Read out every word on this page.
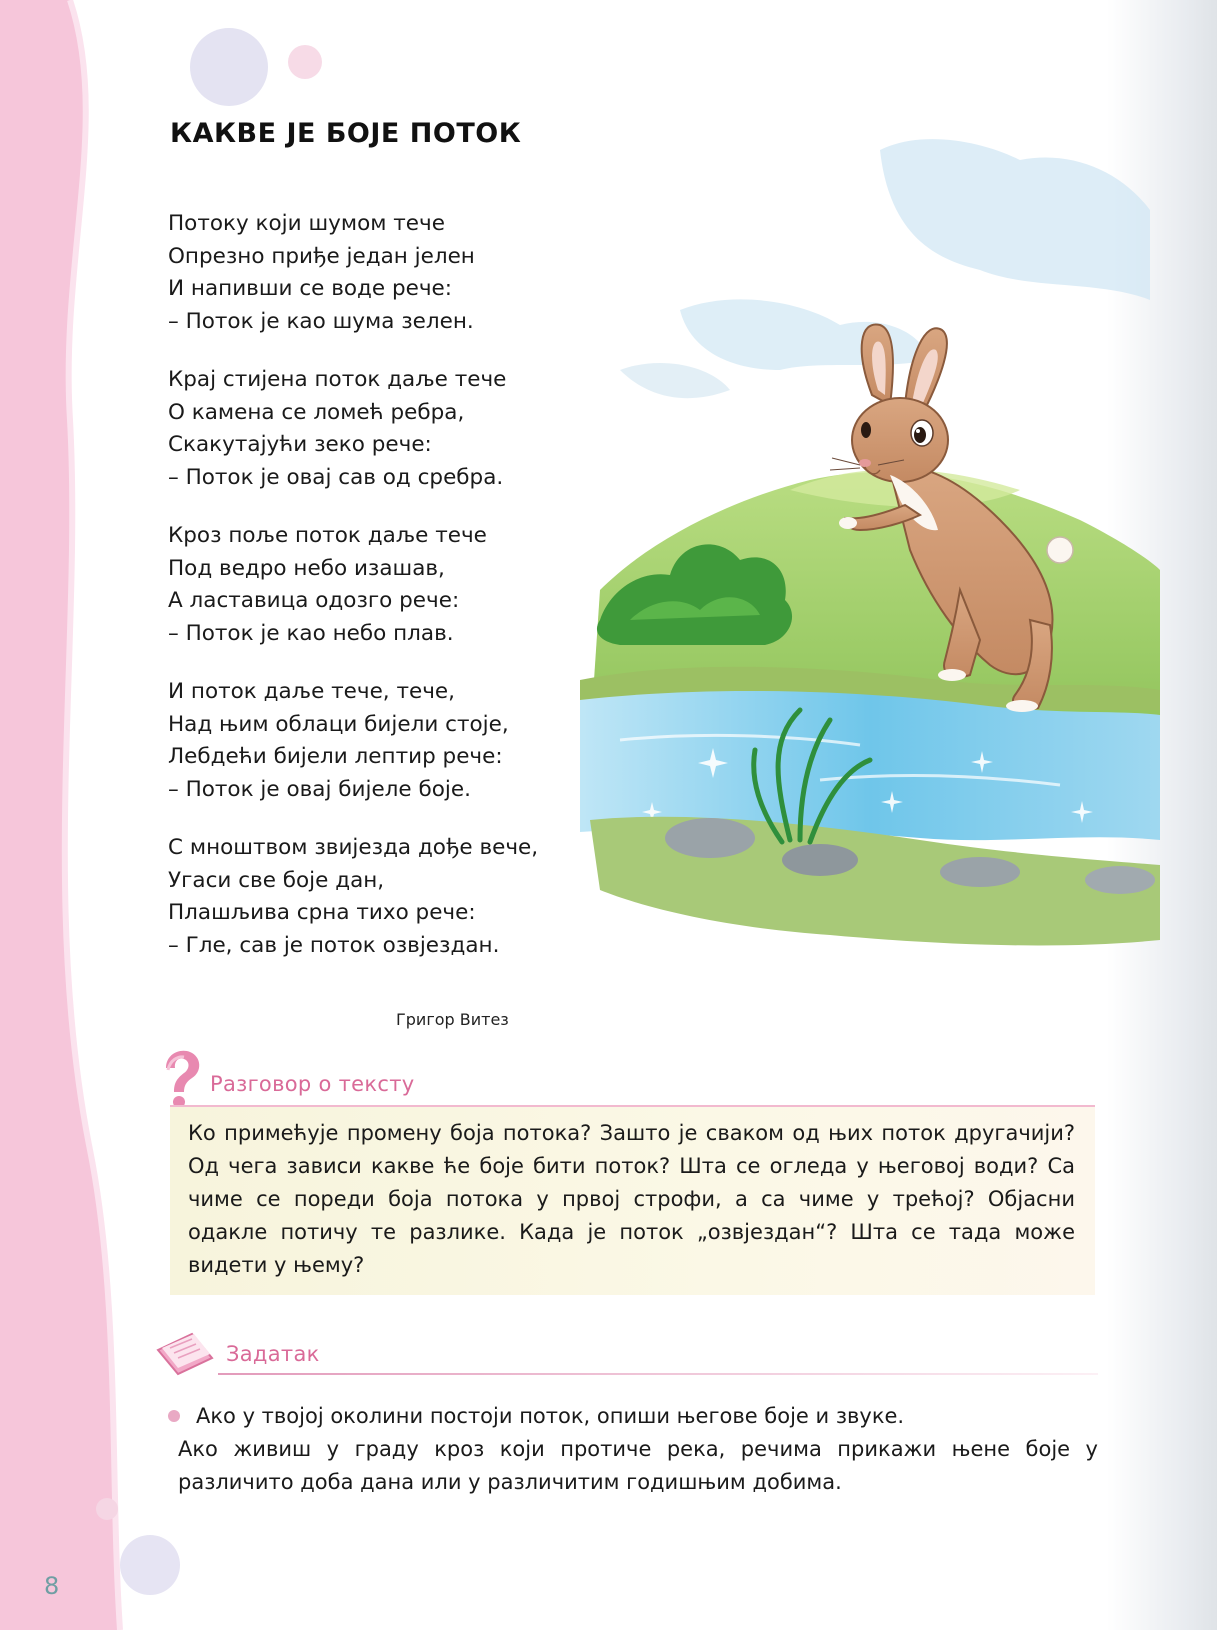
КАКВЕ ЈЕ БОЈЕ ПОТОК
Потоку који шумом тече
Опрезно приђе један јелен
И напивши се воде рече:
– Поток је као шума зелен.
Крај стијена поток даље тече
О камена се ломећ ребра,
Скакутајући зеко рече:
– Поток је овај сав од сребра.
Кроз поље поток даље тече
Под ведро небо изашав,
А ластавица одозго рече:
– Поток је као небо плав.
И поток даље тече, тече,
Над њим облаци бијели стоје,
Лебдећи бијели лептир рече:
– Поток је овај бијеле боје.
С мноштвом звијезда дође вече,
Угаси све боје дан,
Плашљива срна тихо рече:
– Гле, сав је поток озвјездан.
Григор Витез
Разговор о тексту

Ко примећује промену боја потока? Зашто је сваком од њих поток другачији? Од чега зависи какве ће боје бити поток? Шта се огледа у његовој води? Са чиме се пореди боја потока у првој строфи, а са чиме у трећој? Објасни одакле потичу те разлике. Када је поток „озвјездан“? Шта се тада може видети у њему?

Задатак

Ако у твојој околини постоји поток, опиши његове боје и звуке.

Ако живиш у граду кроз који протиче река, речима прикажи њене боје у различито доба дана или у различитим годишњим добима.

8
